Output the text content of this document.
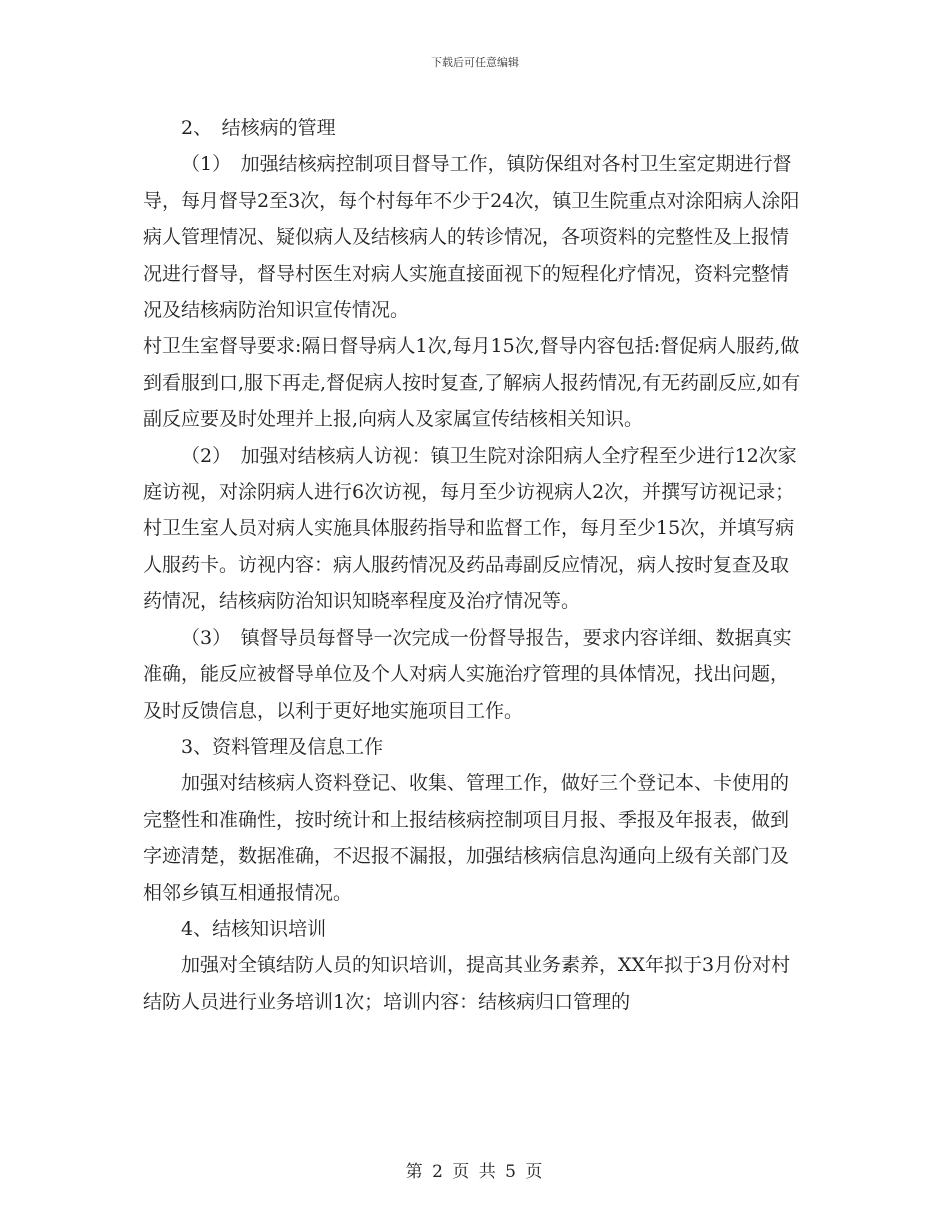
下载后可任意编辑

2、　结核病的管理

（1）　加强结核病控制项目督导工作，镇防保组对各村卫生室定期进行督导，每月督导2至3次，每个村每年不少于24次，镇卫生院重点对涂阳病人涂阳病人管理情况、疑似病人及结核病人的转诊情况，各项资料的完整性及上报情况进行督导，督导村医生对病人实施直接面视下的短程化疗情况，资料完整情况及结核病防治知识宣传情况。

村卫生室督导要求:隔日督导病人1次,每月15次,督导内容包括:督促病人服药,做到看服到口,服下再走,督促病人按时复查,了解病人报药情况,有无药副反应,如有副反应要及时处理并上报,向病人及家属宣传结核相关知识。

（2）　加强对结核病人访视：镇卫生院对涂阳病人全疗程至少进行12次家庭访视，对涂阴病人进行6次访视，每月至少访视病人2次，并撰写访视记录；村卫生室人员对病人实施具体服药指导和监督工作，每月至少15次，并填写病人服药卡。访视内容：病人服药情况及药品毒副反应情况，病人按时复查及取药情况，结核病防治知识知晓率程度及治疗情况等。

（3）　镇督导员每督导一次完成一份督导报告，要求内容详细、数据真实准确，能反应被督导单位及个人对病人实施治疗管理的具体情况，找出问题，及时反馈信息，以利于更好地实施项目工作。

3、资料管理及信息工作

加强对结核病人资料登记、收集、管理工作，做好三个登记本、卡使用的完整性和准确性，按时统计和上报结核病控制项目月报、季报及年报表，做到字迹清楚，数据准确，不迟报不漏报，加强结核病信息沟通向上级有关部门及相邻乡镇互相通报情况。

4、结核知识培训

加强对全镇结防人员的知识培训，提高其业务素养，XX年拟于3月份对村结防人员进行业务培训1次；培训内容：结核病归口管理的

第 2 页 共 5 页
